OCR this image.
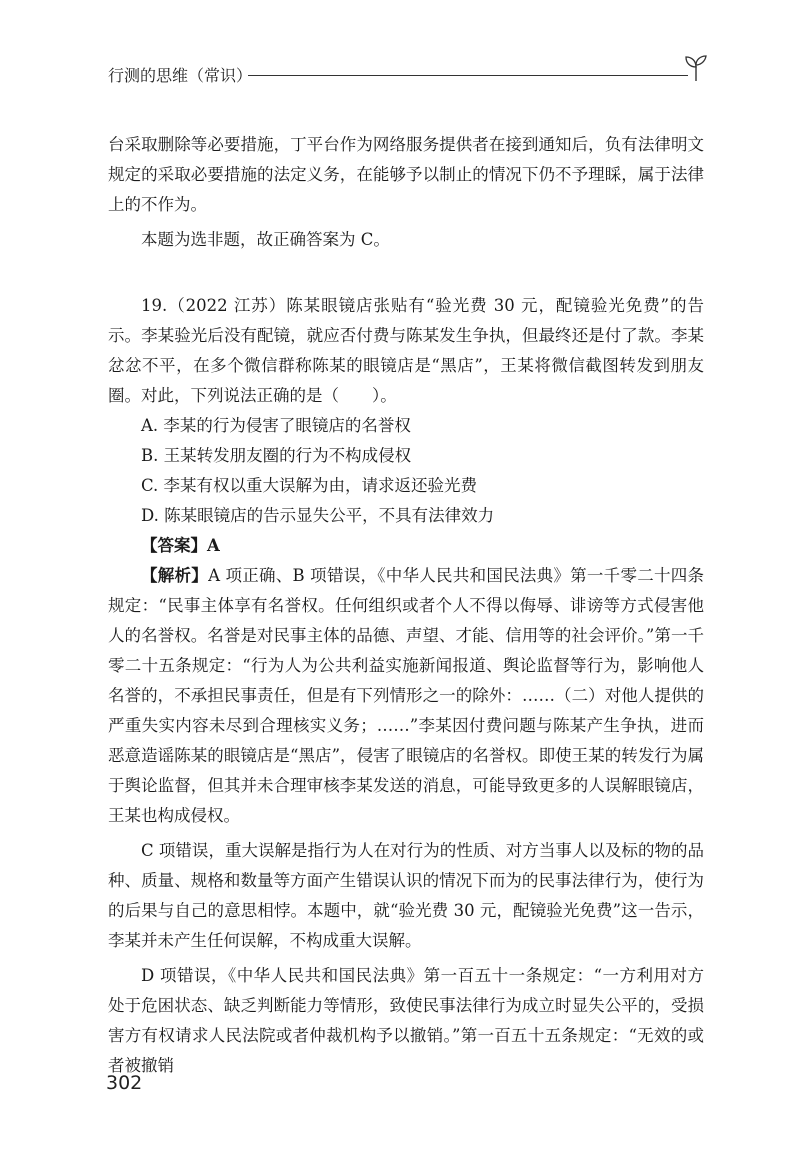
行测的思维（常识）

台采取删除等必要措施，丁平台作为网络服务提供者在接到通知后，负有法律明文规定的采取必要措施的法定义务，在能够予以制止的情况下仍不予理睬，属于法律上的不作为。

本题为选非题，故正确答案为 C。

19.（2022 江苏）陈某眼镜店张贴有“验光费 30 元，配镜验光免费”的告示。李某验光后没有配镜，就应否付费与陈某发生争执，但最终还是付了款。李某忿忿不平，在多个微信群称陈某的眼镜店是“黑店”，王某将微信截图转发到朋友圈。对此，下列说法正确的是（　　）。

A. 李某的行为侵害了眼镜店的名誉权
B. 王某转发朋友圈的行为不构成侵权
C. 李某有权以重大误解为由，请求返还验光费
D. 陈某眼镜店的告示显失公平，不具有法律效力

【答案】A

【解析】A 项正确、B 项错误，《中华人民共和国民法典》第一千零二十四条规定：“民事主体享有名誉权。任何组织或者个人不得以侮辱、诽谤等方式侵害他人的名誉权。名誉是对民事主体的品德、声望、才能、信用等的社会评价。”第一千零二十五条规定：“行为人为公共利益实施新闻报道、舆论监督等行为，影响他人名誉的，不承担民事责任，但是有下列情形之一的除外：……（二）对他人提供的严重失实内容未尽到合理核实义务；……”李某因付费问题与陈某产生争执，进而恶意造谣陈某的眼镜店是“黑店”，侵害了眼镜店的名誉权。即使王某的转发行为属于舆论监督，但其并未合理审核李某发送的消息，可能导致更多的人误解眼镜店，王某也构成侵权。

C 项错误，重大误解是指行为人在对行为的性质、对方当事人以及标的物的品种、质量、规格和数量等方面产生错误认识的情况下而为的民事法律行为，使行为的后果与自己的意思相悖。本题中，就“验光费 30 元，配镜验光免费”这一告示，李某并未产生任何误解，不构成重大误解。

D 项错误，《中华人民共和国民法典》第一百五十一条规定：“一方利用对方处于危困状态、缺乏判断能力等情形，致使民事法律行为成立时显失公平的，受损害方有权请求人民法院或者仲裁机构予以撤销。”第一百五十五条规定：“无效的或者被撤销

302
